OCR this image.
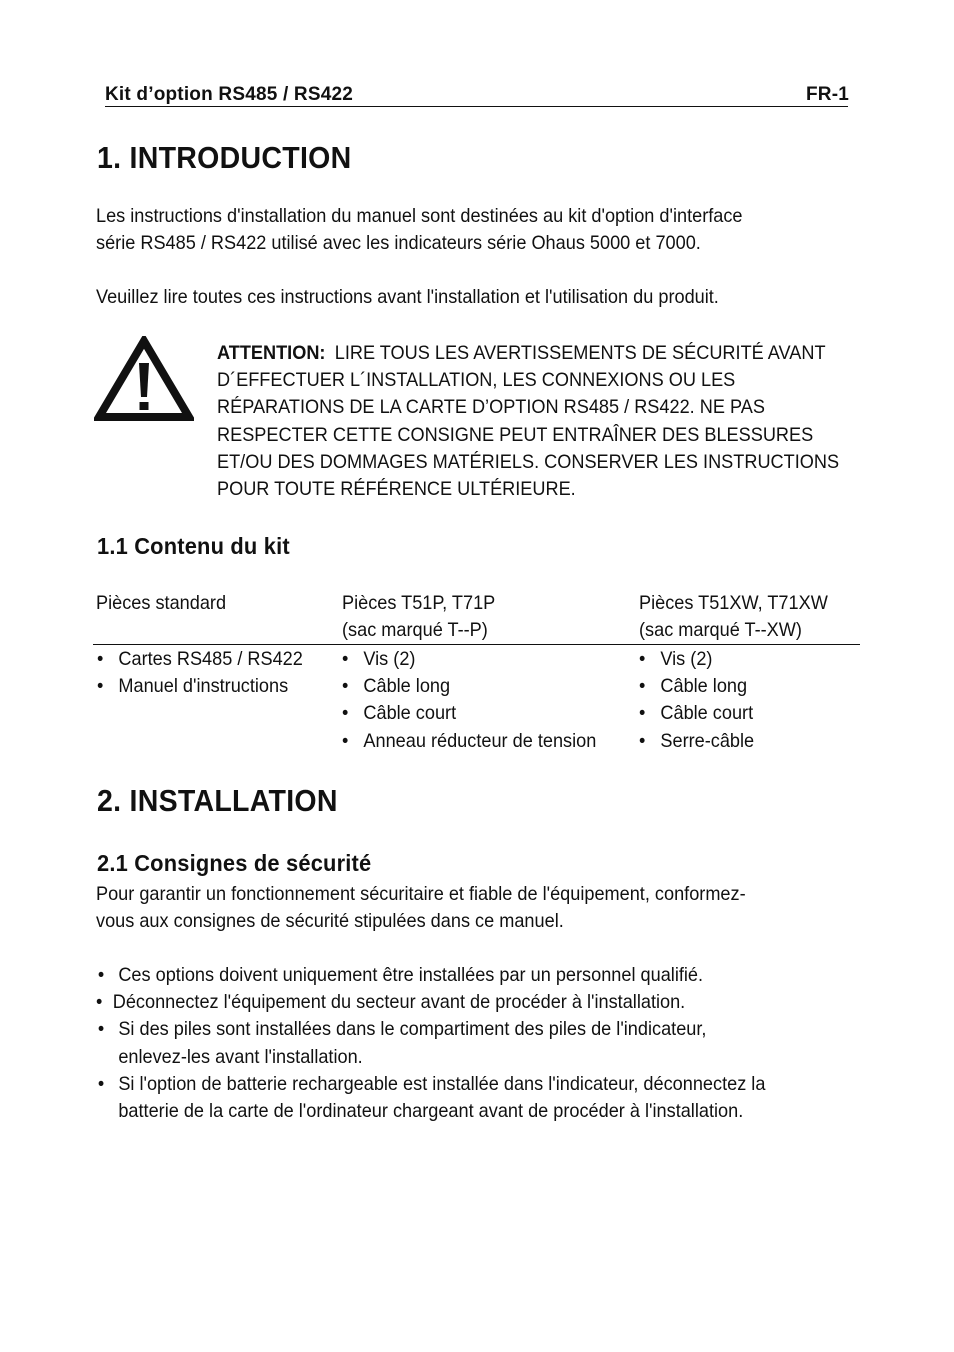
Kit d’option RS485 / RS422	FR-1
1. INTRODUCTION

Les instructions d'installation du manuel sont destinées au kit d'option d'interface
série RS485 / RS422 utilisé avec les indicateurs série Ohaus 5000 et 7000.

Veuillez lire toutes ces instructions avant l'installation et l'utilisation du produit.

ATTENTION: LIRE TOUS LES AVERTISSEMENTS DE SÉCURITÉ AVANT
D´EFFECTUER L´INSTALLATION, LES CONNEXIONS OU LES
RÉPARATIONS DE LA CARTE D’OPTION RS485 / RS422. NE PAS
RESPECTER CETTE CONSIGNE PEUT ENTRAÎNER DES BLESSURES
ET/OU DES DOMMAGES MATÉRIELS. CONSERVER LES INSTRUCTIONS
POUR TOUTE RÉFÉRENCE ULTÉRIEURE.

1.1 Contenu du kit
Pièces standard	Pièces T51P, T71P
(sac marqué T--P)
Pièces T51XW, T71XW
(sac marqué T--XW)
• Cartes RS485 / RS422
• Manuel d'instructions
• Vis (2)
• Câble long
• Câble court
• Anneau réducteur de tension
• Vis (2)
• Câble long
• Câble court
• Serre-câble
2. INSTALLATION
2.1 Consignes de sécurité

Pour garantir un fonctionnement sécuritaire et fiable de l'équipement, conformez-
vous aux consignes de sécurité stipulées dans ce manuel.

• Ces options doivent uniquement être installées par un personnel qualifié.
• Déconnectez l'équipement du secteur avant de procéder à l'installation.
• Si des piles sont installées dans le compartiment des piles de l'indicateur,
enlevez-les avant l'installation.
• Si l'option de batterie rechargeable est installée dans l'indicateur, déconnectez la
batterie de la carte de l'ordinateur chargeant avant de procéder à l'installation.
